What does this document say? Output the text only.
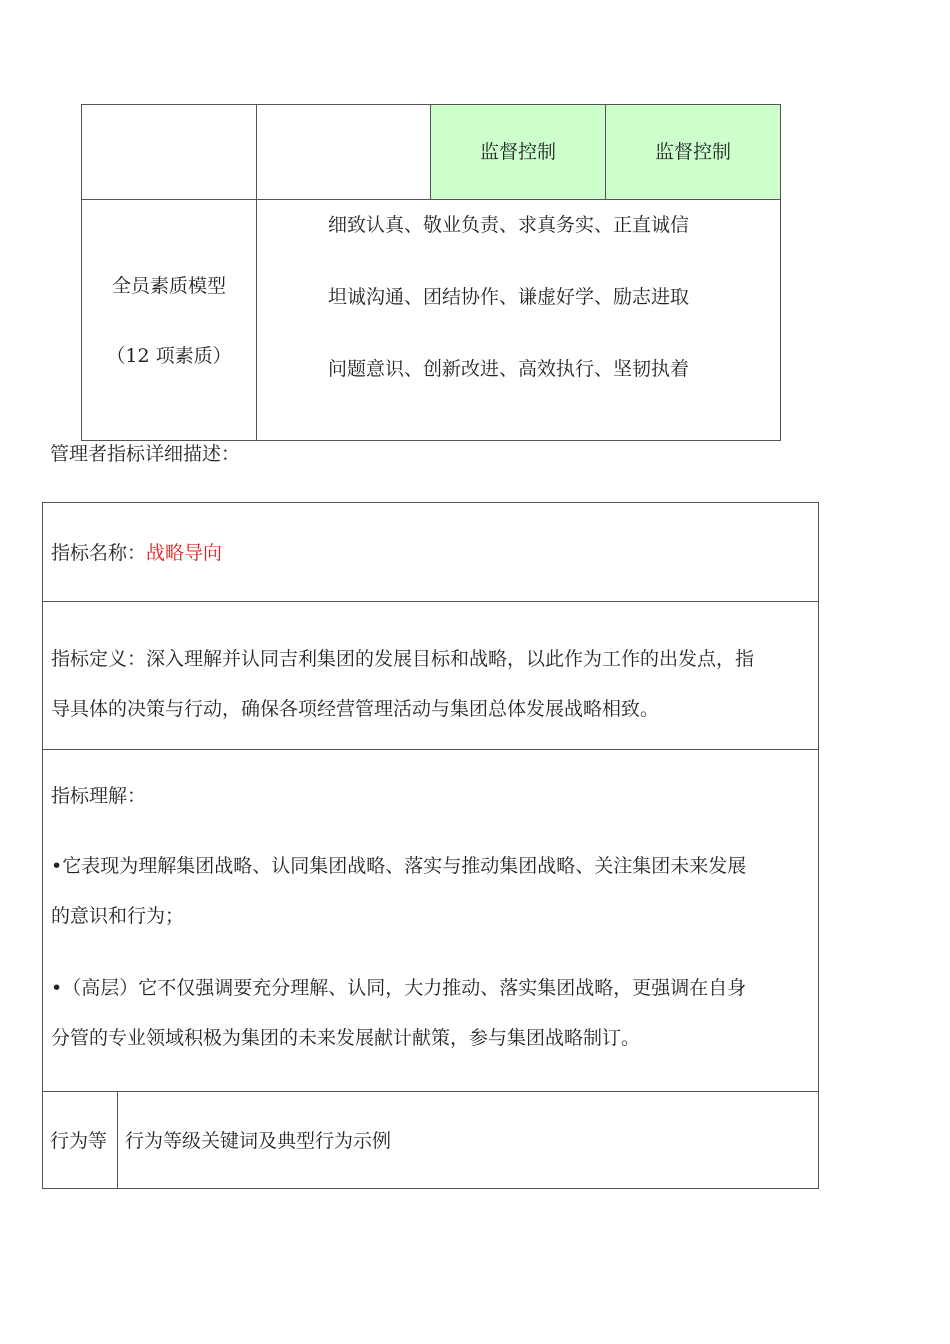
监督控制	监督控制
全员素质模型
（12 项素质）
细致认真、敬业负责、求真务实、正直诚信
坦诚沟通、团结协作、谦虚好学、励志进取
问题意识、创新改进、高效执行、坚韧执着
管理者指标详细描述：
指标名称：战略导向
指标定义：深入理解并认同吉利集团的发展目标和战略，以此作为工作的出发点，指
导具体的决策与行动，确保各项经营管理活动与集团总体发展战略相致。
指标理解：
•它表现为理解集团战略、认同集团战略、落实与推动集团战略、关注集团未来发展
的意识和行为；
•（高层）它不仅强调要充分理解、认同，大力推动、落实集团战略，更强调在自身
分管的专业领域积极为集团的未来发展献计献策，参与集团战略制订。
行为等 行为等级关键词及典型行为示例
